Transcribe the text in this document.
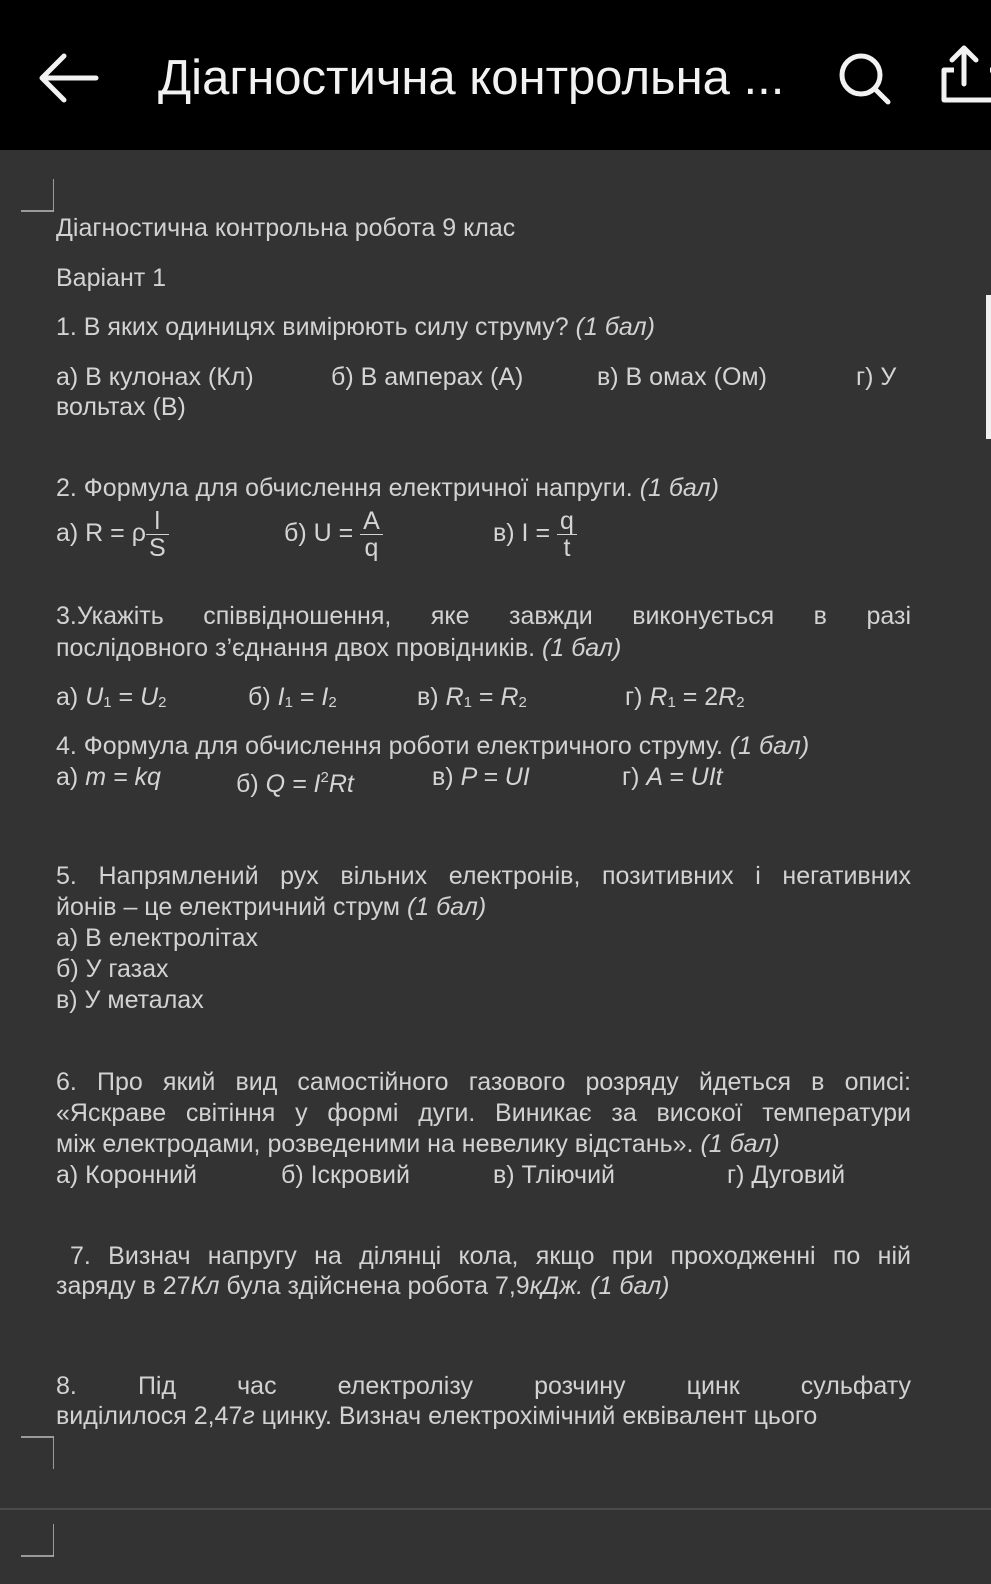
Діагностична контрольна ...
Діагностична контрольна робота 9 клас
Варіант 1
1. В яких одиницях вимірюють силу струму? (1 бал)
а) В кулонах (Кл)	б) В амперах (А)	в) В омах (Ом)	г) У
вольтах (В)
2. Формула для обчислення електричної напруги. (1 бал)
а) R = ρ $\frac{l}{S}$	б) $U = \frac{A}{q}$	в) $I = \frac{q}{t}$
3.Укажіть співвідношення, яке завжди виконується в разі
послідовного з’єднання двох провідників. (1 бал)
а) $U_1 = U_2$	б) $I_1 = I_2$	в) $R_1 = R_2$	г) $R_1 = 2R_2$
4. Формула для обчислення роботи електричного струму. (1 бал)
а) m = kq	б) $Q = I^2Rt$	в) P = UI	г) A = UIt
5. Напрямлений рух вільних електронів, позитивних і негативних
йонів – це електричний струм (1 бал)
а) В електролітах
б) У газах
в) У металах
6. Про який вид самостійного газового розряду йдеться в описі:
«Яскраве світіння у формі дуги. Виникає за високої температури
між електродами, розведеними на невелику відстань». (1 бал)
а) Коронний	б) Іскровий	в) Тліючий	г) Дуговий
7. Визнач напругу на ділянці кола, якщо при проходженні по ній
заряду в 27Кл була здійснена робота 7,9кДж. (1 бал)
8. Під час електролізу розчину цинк сульфату
виділилося 2,47г цинку. Визнач електрохімічний еквівалент цього
